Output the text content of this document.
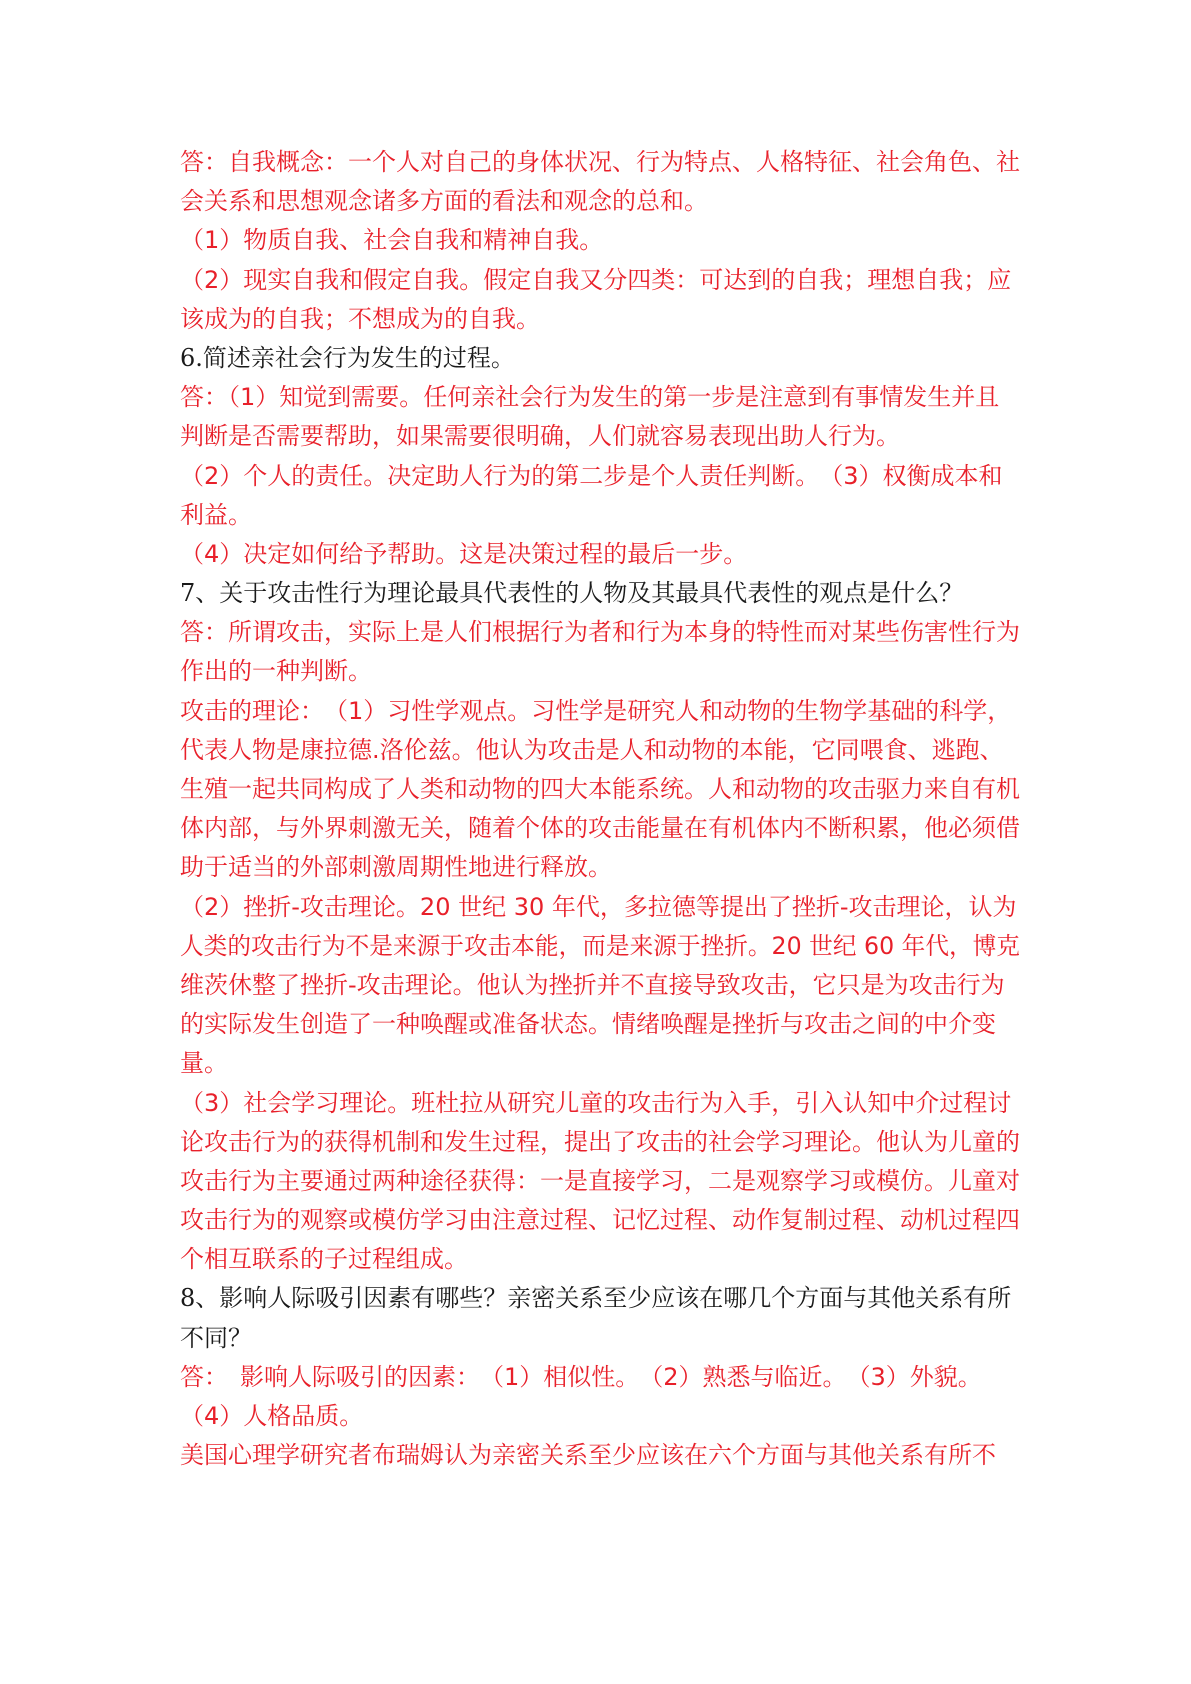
答：自我概念：一个人对自己的身体状况、行为特点、人格特征、社会角色、社

会关系和思想观念诸多方面的看法和观念的总和。

（1）物质自我、社会自我和精神自我。

（2）现实自我和假定自我。假定自我又分四类：可达到的自我；理想自我；应

该成为的自我；不想成为的自我。

6.简述亲社会行为发生的过程。

答：（1）知觉到需要。任何亲社会行为发生的第一步是注意到有事情发生并且

判断是否需要帮助，如果需要很明确，人们就容易表现出助人行为。

（2）个人的责任。决定助人行为的第二步是个人责任判断。　（3）权衡成本和

利益。

（4）决定如何给予帮助。这是决策过程的最后一步。

7、关于攻击性行为理论最具代表性的人物及其最具代表性的观点是什么？

答：所谓攻击，实际上是人们根据行为者和行为本身的特性而对某些伤害性行为

作出的一种判断。

攻击的理论：　（1）习性学观点。习性学是研究人和动物的生物学基础的科学，

代表人物是康拉德.洛伦兹。他认为攻击是人和动物的本能，它同喂食、逃跑、

生殖一起共同构成了人类和动物的四大本能系统。人和动物的攻击驱力来自有机

体内部，与外界刺激无关，随着个体的攻击能量在有机体内不断积累，他必须借

助于适当的外部刺激周期性地进行释放。

（2）挫折-攻击理论。20 世纪 30 年代，多拉德等提出了挫折-攻击理论，认为

人类的攻击行为不是来源于攻击本能，而是来源于挫折。20 世纪 60 年代，博克

维茨休整了挫折-攻击理论。他认为挫折并不直接导致攻击，它只是为攻击行为

的实际发生创造了一种唤醒或准备状态。情绪唤醒是挫折与攻击之间的中介变

量。

（3）社会学习理论。班杜拉从研究儿童的攻击行为入手，引入认知中介过程讨

论攻击行为的获得机制和发生过程，提出了攻击的社会学习理论。他认为儿童的

攻击行为主要通过两种途径获得：一是直接学习，二是观察学习或模仿。儿童对

攻击行为的观察或模仿学习由注意过程、记忆过程、动作复制过程、动机过程四

个相互联系的子过程组成。

8、影响人际吸引因素有哪些？亲密关系至少应该在哪几个方面与其他关系有所

不同？

答：　影响人际吸引的因素：　（1）相似性。　（2）熟悉与临近。　（3）外貌。

（4）人格品质。

美国心理学研究者布瑞姆认为亲密关系至少应该在六个方面与其他关系有所不
